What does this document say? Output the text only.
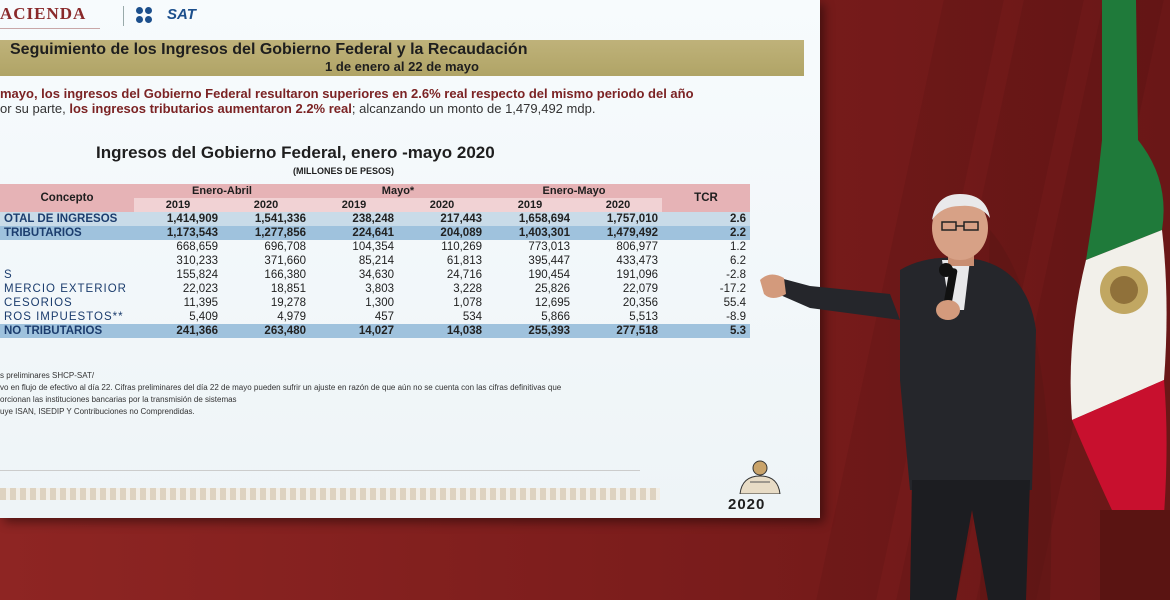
ACIENDA	SAT
Seguimiento de los Ingresos del Gobierno Federal y la Recaudación
1 de enero al 22 de mayo
mayo, los ingresos del Gobierno Federal resultaron superiores en 2.6% real respecto del mismo periodo del año
or su parte, los ingresos tributarios aumentaron 2.2% real; alcanzando un monto de 1,479,492 mdp.
Ingresos del Gobierno Federal, enero -mayo 2020
(MILLONES DE PESOS)
Concepto	Enero-Abril		Mayo*		Enero-Mayo		TCR
	2019	2020	2019	2020	2019	2020	
OTAL DE INGRESOS	1,414,909	1,541,336	238,248	217,443	1,658,694	1,757,010	2.6
TRIBUTARIOS	1,173,543	1,277,856	224,641	204,089	1,403,301	1,479,492	2.2
	668,659	696,708	104,354	110,269	773,013	806,977	1.2
	310,233	371,660	85,214	61,813	395,447	433,473	6.2
S	155,824	166,380	34,630	24,716	190,454	191,096	-2.8
MERCIO EXTERIOR	22,023	18,851	3,803	3,228	25,826	22,079	-17.2
CESORIOS	11,395	19,278	1,300	1,078	12,695	20,356	55.4
ROS IMPUESTOS**	5,409	4,979	457	534	5,866	5,513	-8.9
NO TRIBUTARIOS	241,366	263,480	14,027	14,038	255,393	277,518	5.3
s preliminares SHCP-SAT/
vo en flujo de efectivo al día 22. Cifras preliminares del día 22 de mayo pueden sufrir un ajuste en razón de que aún no se cuenta con las cifras definitivas que
orcionan las instituciones bancarias por la transmisión de sistemas
uye ISAN, ISEDIP Y Contribuciones no Comprendidas.
2020
